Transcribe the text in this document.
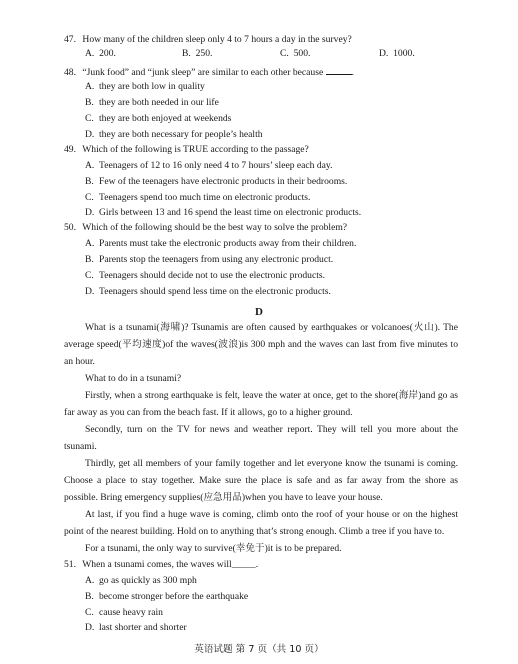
47. How many of the children sleep only 4 to 7 hours a day in the survey?
A. 200.	B. 250.	C. 500.	D. 1000.
48. “Junk food” and “junk sleep” are similar to each other because	.
A. they are both low in quality
B. they are both needed in our life
C. they are both enjoyed at weekends
D. they are both necessary for people’s health
49. Which of the following is TRUE according to the passage?
A. Teenagers of 12 to 16 only need 4 to 7 hours’ sleep each day.
B. Few of the teenagers have electronic products in their bedrooms.
C. Teenagers spend too much time on electronic products.
D. Girls between 13 and 16 spend the least time on electronic products.
50. Which of the following should be the best way to solve the problem?
A. Parents must take the electronic products away from their children.
B. Parents stop the teenagers from using any electronic product.
C. Teenagers should decide not to use the electronic products.
D. Teenagers should spend less time on the electronic products.
D
What is a tsunami(海啸)? Tsunamis are often caused by earthquakes or volcanoes(火山). The average speed(平均速度)of the waves(波浪)is 300 mph and the waves can last from five minutes to an hour.
What to do in a tsunami?
Firstly, when a strong earthquake is felt, leave the water at once, get to the shore(海岸)and go as far away as you can from the beach fast. If it allows, go to a higher ground.
Secondly, turn on the TV for news and weather report. They will tell you more about the tsunami.
Thirdly, get all members of your family together and let everyone know the tsunami is coming. Choose a place to stay together. Make sure the place is safe and as far away from the shore as possible. Bring emergency supplies(应急用品)when you have to leave your house.
At last, if you find a huge wave is coming, climb onto the roof of your house or on the highest point of the nearest building. Hold on to anything that’s strong enough. Climb a tree if you have to.
For a tsunami, the only way to survive(幸免于)it is to be prepared.
51. When a tsunami comes, the waves will_____.
A. go as quickly as 300 mph
B. become stronger before the earthquake
C. cause heavy rain
D. last shorter and shorter
英语试题 第 7 页（共 10 页）
